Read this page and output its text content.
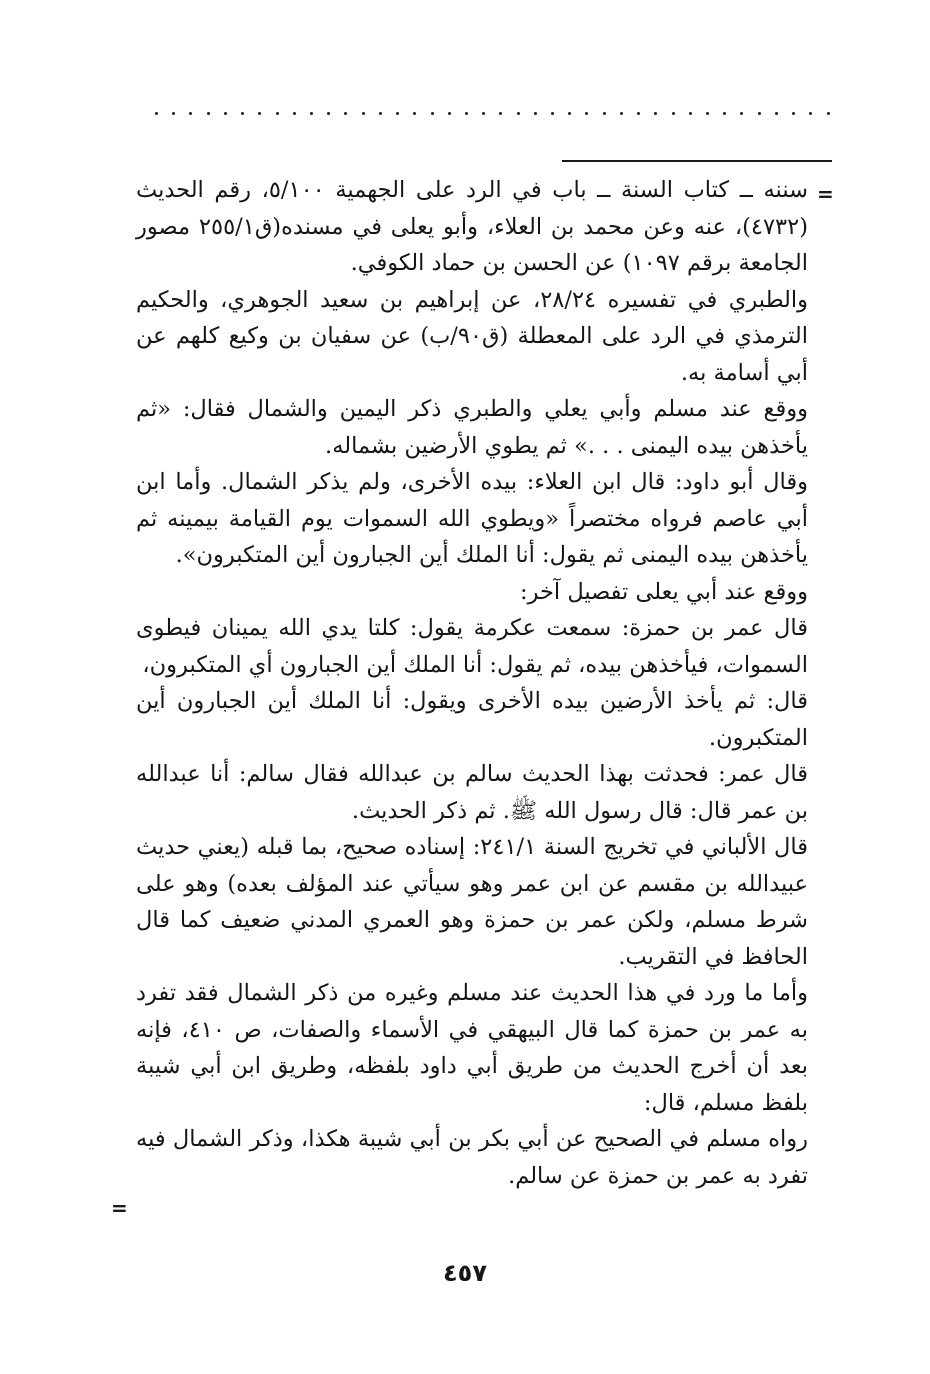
=

سننه ــ كتاب السنة ــ باب في الرد على الجهمية ٥/١٠٠، رقم الحديث (٤٧٣٢)، عنه وعن محمد بن العلاء، وأبو يعلى في مسنده(ق٢٥٥/١ مصور الجامعة برقم ١٠٩٧) عن الحسن بن حماد الكوفي.

والطبري في تفسيره ٢٨/٢٤، عن إبراهيم بن سعيد الجوهري، والحكيم الترمذي في الرد على المعطلة (ق٩٠/ب) عن سفيان بن وكيع كلهم عن أبي أسامة به.

ووقع عند مسلم وأبي يعلي والطبري ذكر اليمين والشمال فقال: «ثم يأخذهن بيده اليمنى . . .» ثم يطوي الأرضين بشماله.

وقال أبو داود: قال ابن العلاء: بيده الأخرى، ولم يذكر الشمال. وأما ابن أبي عاصم فرواه مختصراً «ويطوي الله السموات يوم القيامة بيمينه ثم يأخذهن بيده اليمنى ثم يقول: أنا الملك أين الجبارون أين المتكبرون».

ووقع عند أبي يعلى تفصيل آخر:

قال عمر بن حمزة: سمعت عكرمة يقول: كلتا يدي الله يمينان فيطوى السموات، فيأخذهن بيده، ثم يقول: أنا الملك أين الجبارون أي المتكبرون،

قال: ثم يأخذ الأرضين بيده الأخرى ويقول: أنا الملك أين الجبارون أين المتكبرون.

قال عمر: فحدثت بهذا الحديث سالم بن عبدالله فقال سالم: أنا عبدالله بن عمر قال: قال رسول الله ﷺ. ثم ذكر الحديث.

قال الألباني في تخريج السنة ٢٤١/١: إسناده صحيح، بما قبله (يعني حديث عبيدالله بن مقسم عن ابن عمر وهو سيأتي عند المؤلف بعده) وهو على شرط مسلم، ولكن عمر بن حمزة وهو العمري المدني ضعيف كما قال الحافظ في التقريب.

وأما ما ورد في هذا الحديث عند مسلم وغيره من ذكر الشمال فقد تفرد به عمر بن حمزة كما قال البيهقي في الأسماء والصفات، ص ٤١٠، فإنه بعد أن أخرج الحديث من طريق أبي داود بلفظه، وطريق ابن أبي شيبة بلفظ مسلم، قال:

رواه مسلم في الصحيح عن أبي بكر بن أبي شيبة هكذا، وذكر الشمال فيه تفرد به عمر بن حمزة عن سالم.

=
٤٥٧
